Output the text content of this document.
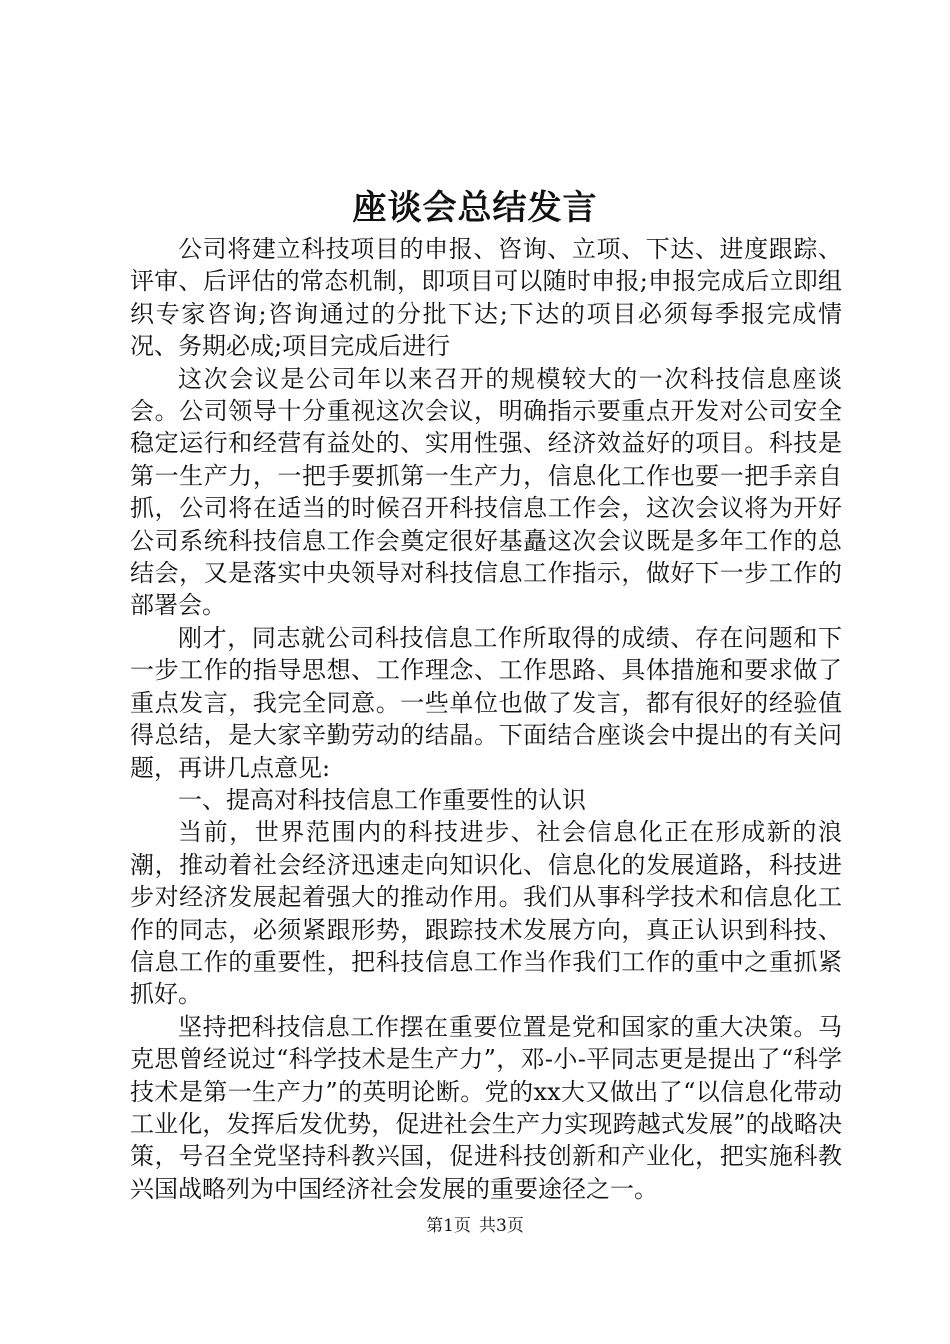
座谈会总结发言

公司将建立科技项目的申报、咨询、立项、下达、进度跟踪、评审、后评估的常态机制，即项目可以随时申报;申报完成后立即组织专家咨询;咨询通过的分批下达;下达的项目必须每季报完成情况、务期必成;项目完成后进行

这次会议是公司年以来召开的规模较大的一次科技信息座谈会。公司领导十分重视这次会议，明确指示要重点开发对公司安全稳定运行和经营有益处的、实用性强、经济效益好的项目。科技是第一生产力，一把手要抓第一生产力，信息化工作也要一把手亲自抓，公司将在适当的时候召开科技信息工作会，这次会议将为开好公司系统科技信息工作会奠定很好基矗这次会议既是多年工作的总结会，又是落实中央领导对科技信息工作指示，做好下一步工作的部署会。

刚才，同志就公司科技信息工作所取得的成绩、存在问题和下一步工作的指导思想、工作理念、工作思路、具体措施和要求做了重点发言，我完全同意。一些单位也做了发言，都有很好的经验值得总结，是大家辛勤劳动的结晶。下面结合座谈会中提出的有关问题，再讲几点意见:

一、提高对科技信息工作重要性的认识

当前，世界范围内的科技进步、社会信息化正在形成新的浪潮，推动着社会经济迅速走向知识化、信息化的发展道路，科技进步对经济发展起着强大的推动作用。我们从事科学技术和信息化工作的同志，必须紧跟形势，跟踪技术发展方向，真正认识到科技、信息工作的重要性，把科技信息工作当作我们工作的重中之重抓紧抓好。

坚持把科技信息工作摆在重要位置是党和国家的重大决策。马克思曾经说过“科学技术是生产力”，邓-小-平同志更是提出了“科学技术是第一生产力”的英明论断。党的xx大又做出了“以信息化带动工业化，发挥后发优势，促进社会生产力实现跨越式发展”的战略决策，号召全党坚持科教兴国，促进科技创新和产业化，把实施科教兴国战略列为中国经济社会发展的重要途径之一。

第1页 共3页
